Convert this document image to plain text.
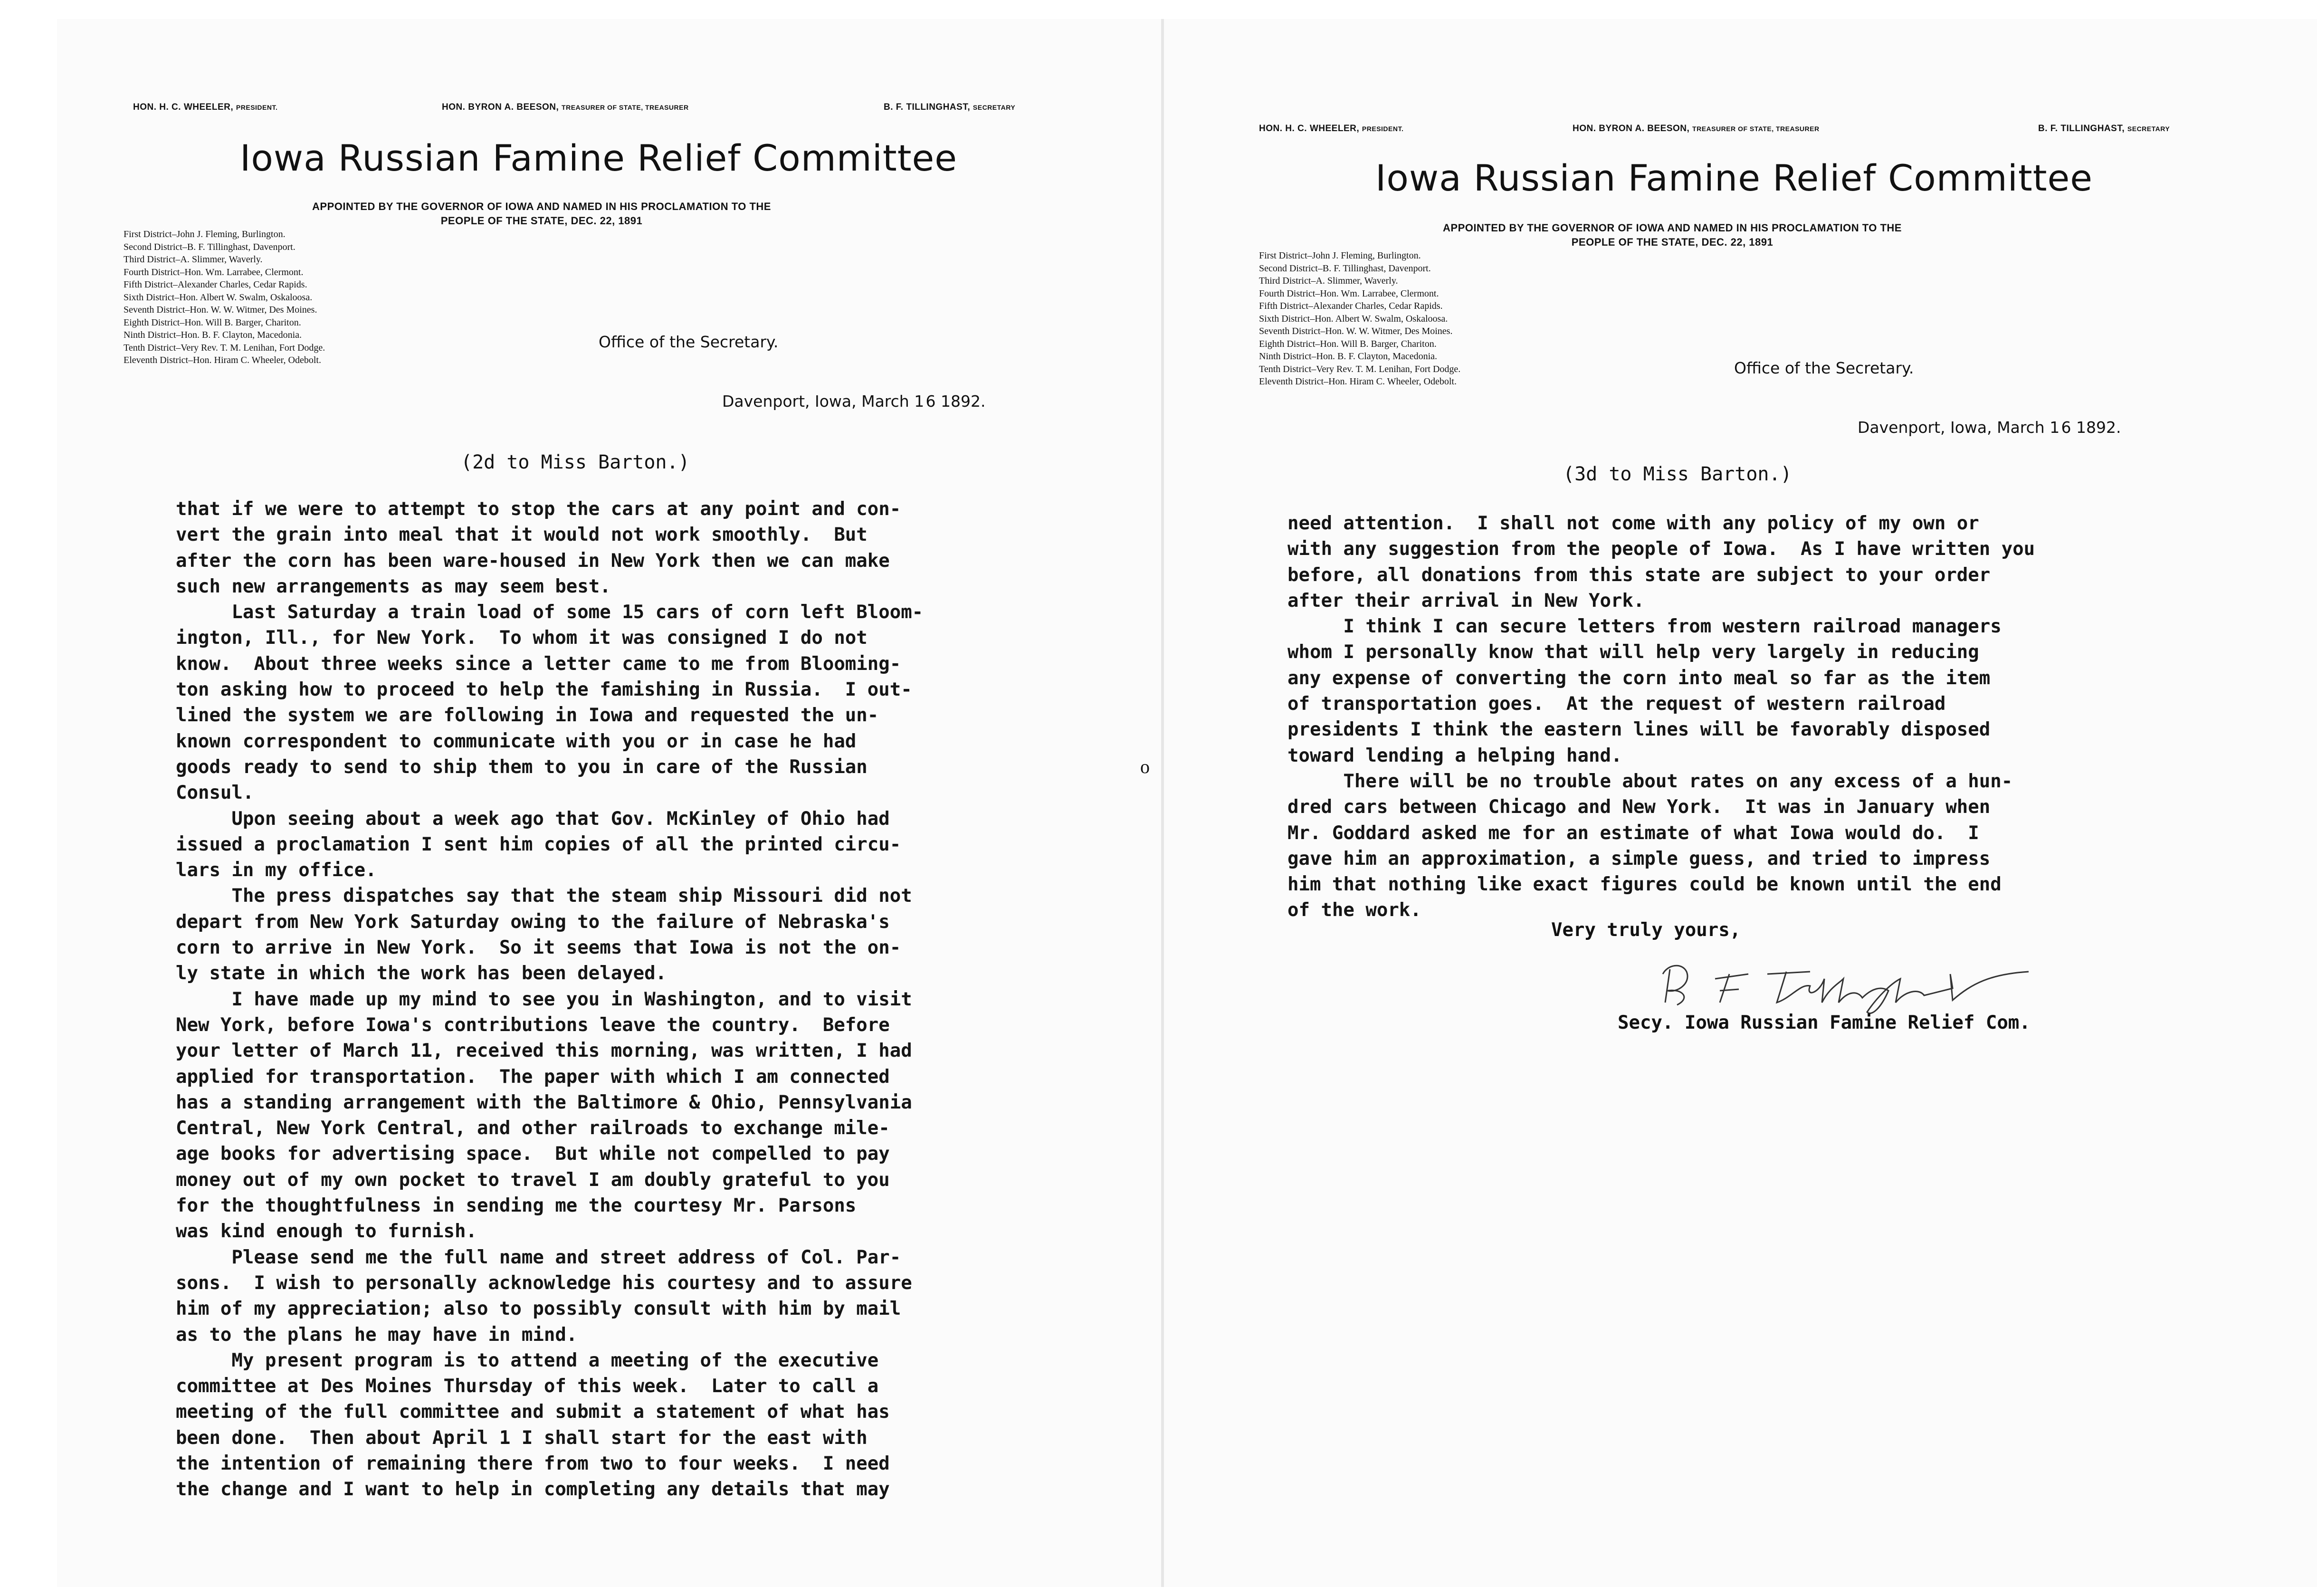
HON. H. C. WHEELER, PRESIDENT.	HON. BYRON A. BEESON, TREASURER OF STATE, TREASURER	B. F. TILLINGHAST, SECRETARY
Iowa Russian Famine Relief Committee
APPOINTED BY THE GOVERNOR OF IOWA AND NAMED IN HIS PROCLAMATION TO THE
PEOPLE OF THE STATE, DEC. 22, 1891
First District–John J. Fleming, Burlington.
Second District–B. F. Tillinghast, Davenport.
Third District–A. Slimmer, Waverly.
Fourth District–Hon. Wm. Larrabee, Clermont.
Fifth District–Alexander Charles, Cedar Rapids.
Sixth District–Hon. Albert W. Swalm, Oskaloosa.
Seventh District–Hon. W. W. Witmer, Des Moines.
Eighth District–Hon. Will B. Barger, Chariton.
Ninth District–Hon. B. F. Clayton, Macedonia.
Tenth District–Very Rev. T. M. Lenihan, Fort Dodge.
Eleventh District–Hon. Hiram C. Wheeler, Odebolt.
Office of the Secretary.
Davenport, Iowa, March 1 6 1892.
(2d to Miss Barton.)
that if we were to attempt to stop the cars at any point and con-
vert the grain into meal that it would not work smoothly.  But
after the corn has been ware-housed in New York then we can make
such new arrangements as may seem best.
Last Saturday a train load of some 15 cars of corn left Bloom-
ington, Ill., for New York.  To whom it was consigned I do not
know.  About three weeks since a letter came to me from Blooming-
ton asking how to proceed to help the famishing in Russia.  I out-
lined the system we are following in Iowa and requested the un-
known correspondent to communicate with you or in case he had
goods ready to send to ship them to you in care of the Russian
Consul.
Upon seeing about a week ago that Gov. McKinley of Ohio had
issued a proclamation I sent him copies of all the printed circu-
lars in my office.
The press dispatches say that the steam ship Missouri did not
depart from New York Saturday owing to the failure of Nebraska's
corn to arrive in New York.  So it seems that Iowa is not the on-
ly state in which the work has been delayed.
I have made up my mind to see you in Washington, and to visit
New York, before Iowa's contributions leave the country.  Before
your letter of March 11, received this morning, was written, I had
applied for transportation.  The paper with which I am connected
has a standing arrangement with the Baltimore & Ohio, Pennsylvania
Central, New York Central, and other railroads to exchange mile-
age books for advertising space.  But while not compelled to pay
money out of my own pocket to travel I am doubly grateful to you
for the thoughtfulness in sending me the courtesy Mr. Parsons
was kind enough to furnish.
Please send me the full name and street address of Col. Par-
sons.  I wish to personally acknowledge his courtesy and to assure
him of my appreciation; also to possibly consult with him by mail
as to the plans he may have in mind.
My present program is to attend a meeting of the executive
committee at Des Moines Thursday of this week.  Later to call a
meeting of the full committee and submit a statement of what has
been done.  Then about April 1 I shall start for the east with
the intention of remaining there from two to four weeks.  I need
the change and I want to help in completing any details that may
o
HON. H. C. WHEELER, PRESIDENT.	HON. BYRON A. BEESON, TREASURER OF STATE, TREASURER	B. F. TILLINGHAST, SECRETARY
Iowa Russian Famine Relief Committee
APPOINTED BY THE GOVERNOR OF IOWA AND NAMED IN HIS PROCLAMATION TO THE
PEOPLE OF THE STATE, DEC. 22, 1891
First District–John J. Fleming, Burlington.
Second District–B. F. Tillinghast, Davenport.
Third District–A. Slimmer, Waverly.
Fourth District–Hon. Wm. Larrabee, Clermont.
Fifth District–Alexander Charles, Cedar Rapids.
Sixth District–Hon. Albert W. Swalm, Oskaloosa.
Seventh District–Hon. W. W. Witmer, Des Moines.
Eighth District–Hon. Will B. Barger, Chariton.
Ninth District–Hon. B. F. Clayton, Macedonia.
Tenth District–Very Rev. T. M. Lenihan, Fort Dodge.
Eleventh District–Hon. Hiram C. Wheeler, Odebolt.
Office of the Secretary.
Davenport, Iowa, March 1 6 1892.
(3d to Miss Barton.)
need attention.  I shall not come with any policy of my own or
with any suggestion from the people of Iowa.  As I have written you
before, all donations from this state are subject to your order
after their arrival in New York.
I think I can secure letters from western railroad managers
whom I personally know that will help very largely in reducing
any expense of converting the corn into meal so far as the item
of transportation goes.  At the request of western railroad
presidents I think the eastern lines will be favorably disposed
toward lending a helping hand.
There will be no trouble about rates on any excess of a hun-
dred cars between Chicago and New York.  It was in January when
Mr. Goddard asked me for an estimate of what Iowa would do.  I
gave him an approximation, a simple guess, and tried to impress
him that nothing like exact figures could be known until the end
of the work.
Very truly yours,
Secy. Iowa Russian Famine Relief Com.
